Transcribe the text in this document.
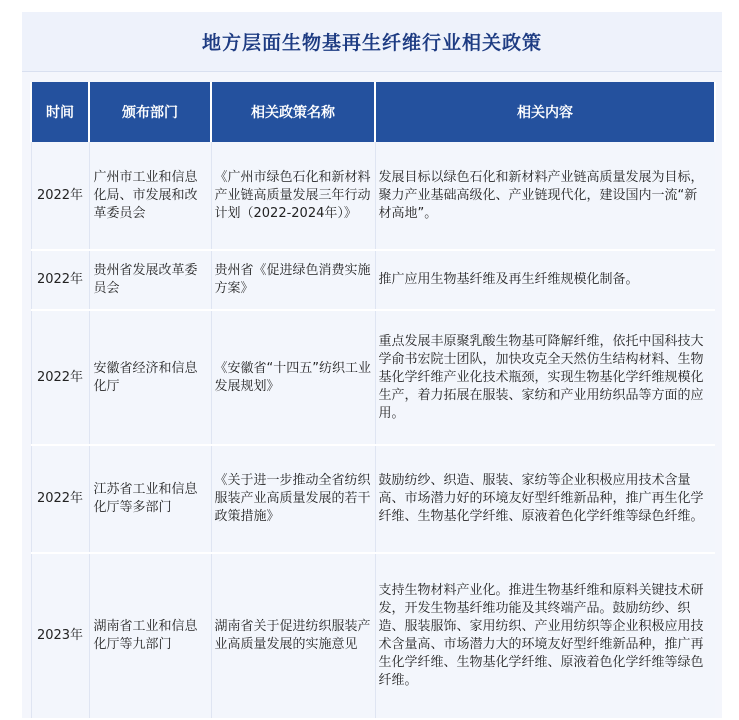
地方层面生物基再生纤维行业相关政策
时间	颁布部门	相关政策名称	相关内容
2022年	广州市工业和信息化局、市发展和改革委员会	《广州市绿色石化和新材料产业链高质量发展三年行动计划（2022-2024年）》	发展目标以绿色石化和新材料产业链高质量发展为目标，聚力产业基础高级化、产业链现代化，建设国内一流“新材高地”。
2022年	贵州省发展改革委员会	贵州省《促进绿色消费实施方案》	推广应用生物基纤维及再生纤维规模化制备。
2022年	安徽省经济和信息化厅	《安徽省“十四五”纺织工业发展规划》	重点发展丰原聚乳酸生物基可降解纤维，依托中国科技大学俞书宏院士团队，加快攻克全天然仿生结构材料、生物基化学纤维产业化技术瓶颈，实现生物基化学纤维规模化生产，着力拓展在服装、家纺和产业用纺织品等方面的应用。
2022年	江苏省工业和信息化厅等多部门	《关于进一步推动全省纺织服装产业高质量发展的若干政策措施》	鼓励纺纱、织造、服装、家纺等企业积极应用技术含量高、市场潜力好的环境友好型纤维新品种，推广再生化学纤维、生物基化学纤维、原液着色化学纤维等绿色纤维。
2023年	湖南省工业和信息化厅等九部门	湖南省关于促进纺织服装产业高质量发展的实施意见	支持生物材料产业化。推进生物基纤维和原料关键技术研发，开发生物基纤维功能及其终端产品。鼓励纺纱、织造、服装服饰、家用纺织、产业用纺织等企业积极应用技术含量高、市场潜力大的环境友好型纤维新品种，推广再生化学纤维、生物基化学纤维、原液着色化学纤维等绿色纤维。
